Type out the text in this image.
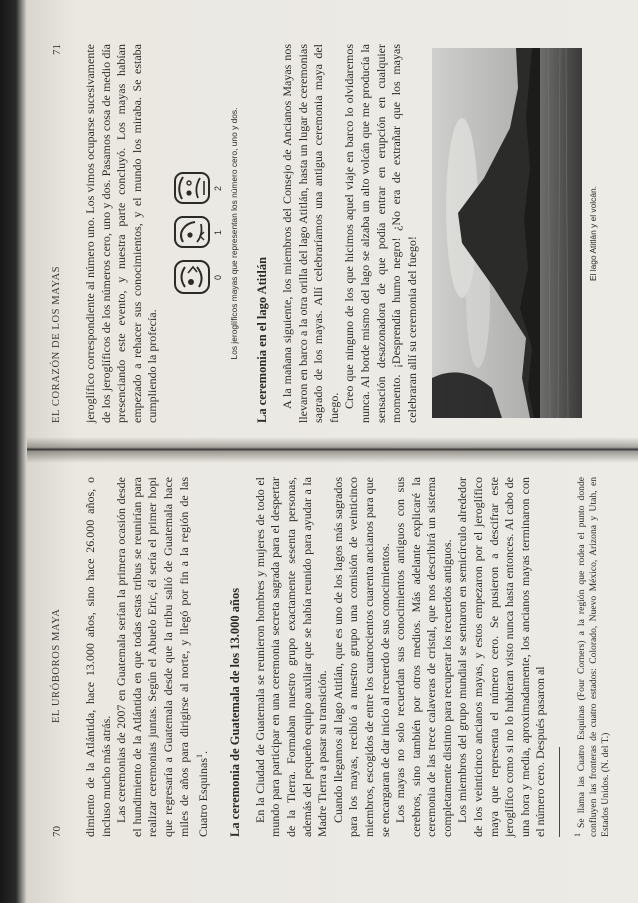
70
EL URÓBOROS MAYA dimiento de la Atlántida, hace 13.000 años, sino hace 26.000 años, o incluso mucho más atrás. Las ceremonias de 2007 en Guatemala serían la primera ocasión desde el hundimiento de la Atlántida en que todas estas tribus se reunirían para realizar ceremonias juntas. Según el Abuelo Eric, él sería el primer hopi que regresaría a Guatemala desde que la tribu salió de Guatemala hace miles de años para dirigirse al norte, y llegó por fin a la región de las Cuatro Esquinas$^1$. La ceremonia de Guatemala de los 13.000 años En la Ciudad de Guatemala se reunieron hombres y mujeres de todo el mundo para participar en una ceremonia secreta sagrada para el despertar de la Tierra. Formaban nuestro grupo exactamente sesenta personas, además del pequeño equipo auxiliar que se había reunido para ayudar a la Madre Tierra a pasar su transición. Cuando llegamos al lago Atitlán, que es uno de los lagos más sagrados para los mayas, recibió a nuestro grupo una comisión de veinticinco miembros, escogidos de entre los cuatrocientos cuarenta ancianos para que se encargaran de dar inicio al recuerdo de sus conocimientos. Los mayas no solo recuerdan sus conocimientos antiguos con sus cerebros, sino también por otros medios. Más adelante explicaré la ceremonia de las trece calaveras de cristal, que nos describirá un sistema completamente distinto para recuperar los recuerdos antiguos. Los miembros del grupo mundial se sentaron en semicírculo alrededor de los veinticinco ancianos mayas, y estos empezaron por el jeroglífico maya que representa el número cero. Se pusieron a descifrar este jeroglífico como si no lo hubieran visto nunca hasta entonces. Al cabo de una hora y media, aproximadamente, los ancianos mayas terminaron con el número cero. Después pasaron al	$^1$ Se llama las Cuatro Esquinas (Four Corners) a la región que rodea el punto donde confluyen las fronteras de cuatro estados: Colorado, Nuevo México, Arizona y Utah, en Estados Unidos. (N. del T.)
EL CORAZÓN DE LOS MAYAS
71 jeroglífico correspondiente al número uno. Los vimos ocuparse sucesivamente de los jeroglíficos de los números cero, uno y dos. Pasamos cosa de medio día presenciando este evento, y nuestra parte concluyó. Los mayas habían empezado a rehacer sus conocimientos, y el mundo los miraba. Se estaba cumpliendo la profecía.

0
1
2 Los jeroglíficos mayas que representan los número cero, uno y dos. La ceremonia en el lago Atitlán A la mañana siguiente, los miembros del Consejo de Ancianos Mayas nos llevaron en barco a la otra orilla del lago Atitlán, hasta un lugar de ceremonias sagrado de los mayas. Allí celebraríamos una antigua ceremonia maya del fuego. Creo que ninguno de los que hicimos aquel viaje en barco lo olvidaremos nunca. Al borde mismo del lago se alzaba un alto volcán que me producía la sensación desazonadora de que podía entrar en erupción en cualquier momento. ¡Desprendía humo negro! ¿No era de extrañar que los mayas celebraran allí su ceremonia del fuego!

El lago Atitlán y el volcán.
